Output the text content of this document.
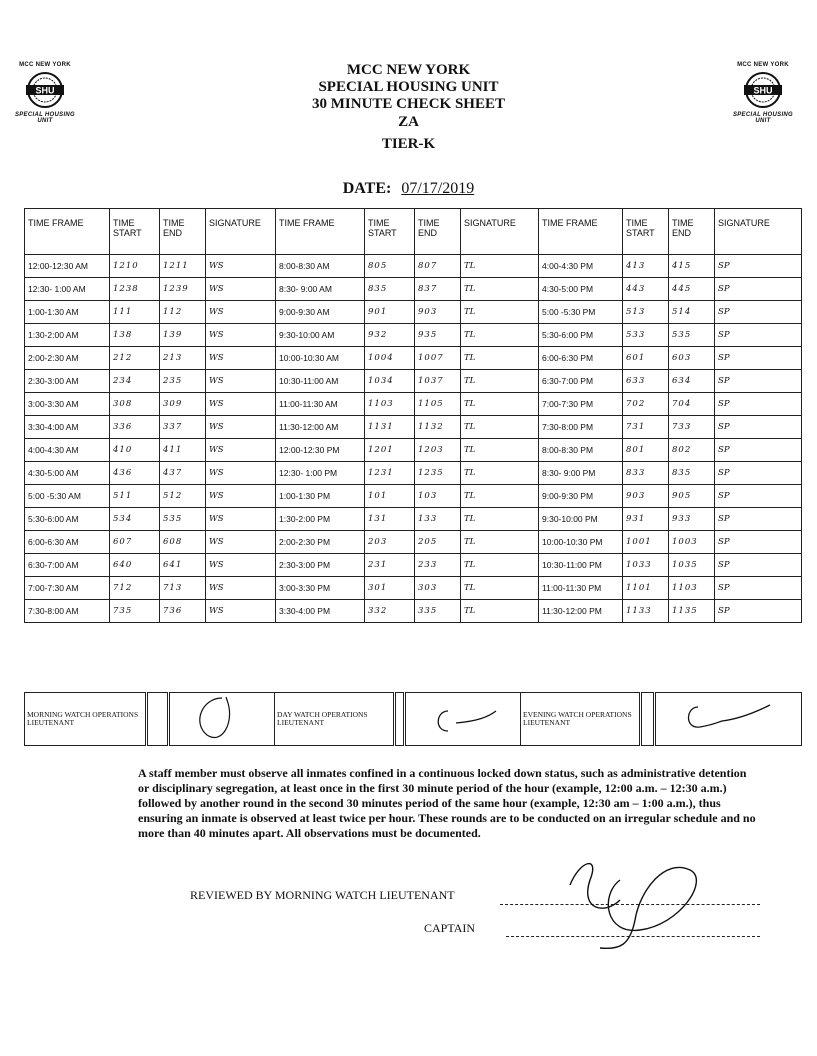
MCC NEW YORK
SHU
SPECIAL HOUSING UNIT
MCC NEW YORK
SHU
SPECIAL HOUSING UNIT
MCC NEW YORK
SPECIAL HOUSING UNIT
30 MINUTE CHECK SHEET
ZA
TIER-K
DATE: 07/17/2019
TIME FRAME	TIME START	TIME END	SIGNATURE	TIME FRAME	TIME START	TIME END	SIGNATURE	TIME FRAME	TIME START	TIME END	SIGNATURE
12:00-12:30 AM	1210	1211	WS	8:00-8:30 AM	805	807	TL	4:00-4:30 PM	413	415	SP
12:30- 1:00 AM	1238	1239	WS	8:30- 9:00 AM	835	837	TL	4:30-5:00 PM	443	445	SP
1:00-1:30 AM	111	112	WS	9:00-9:30 AM	901	903	TL	5:00 -5:30 PM	513	514	SP
1:30-2:00 AM	138	139	WS	9:30-10:00 AM	932	935	TL	5:30-6:00 PM	533	535	SP
2:00-2:30 AM	212	213	WS	10:00-10:30 AM	1004	1007	TL	6:00-6:30 PM	601	603	SP
2:30-3:00 AM	234	235	WS	10:30-11:00 AM	1034	1037	TL	6:30-7:00 PM	633	634	SP
3:00-3:30 AM	308	309	WS	11:00-11:30 AM	1103	1105	TL	7:00-7:30 PM	702	704	SP
3:30-4:00 AM	336	337	WS	11:30-12:00 AM	1131	1132	TL	7:30-8:00 PM	731	733	SP
4:00-4:30 AM	410	411	WS	12:00-12:30 PM	1201	1203	TL	8:00-8:30 PM	801	802	SP
4:30-5:00 AM	436	437	WS	12:30- 1:00 PM	1231	1235	TL	8:30- 9:00 PM	833	835	SP
5:00 -5:30 AM	511	512	WS	1:00-1:30 PM	101	103	TL	9:00-9:30 PM	903	905	SP
5:30-6:00 AM	534	535	WS	1:30-2:00 PM	131	133	TL	9:30-10:00 PM	931	933	SP
6:00-6:30 AM	607	608	WS	2:00-2:30 PM	203	205	TL	10:00-10:30 PM	1001	1003	SP
6:30-7:00 AM	640	641	WS	2:30-3:00 PM	231	233	TL	10:30-11:00 PM	1033	1035	SP
7:00-7:30 AM	712	713	WS	3:00-3:30 PM	301	303	TL	11:00-11:30 PM	1101	1103	SP
7:30-8:00 AM	735	736	WS	3:30-4:00 PM	332	335	TL	11:30-12:00 PM	1133	1135	SP
MORNING WATCH OPERATIONS LIEUTENANT			DAY WATCH OPERATIONS LIEUTENANT			EVENING WATCH OPERATIONS LIEUTENANT		
A staff member must observe all inmates confined in a continuous locked down status, such as administrative detention or disciplinary segregation, at least once in the first 30 minute period of the hour (example, 12:00 a.m. – 12:30 a.m.) followed by another round in the second 30 minutes period of the same hour (example, 12:30 am – 1:00 a.m.), thus ensuring an inmate is observed at least twice per hour. These rounds are to be conducted on an irregular schedule and no more than 40 minutes apart. All observations must be documented.
REVIEWED BY MORNING WATCH LIEUTENANT
CAPTAIN
